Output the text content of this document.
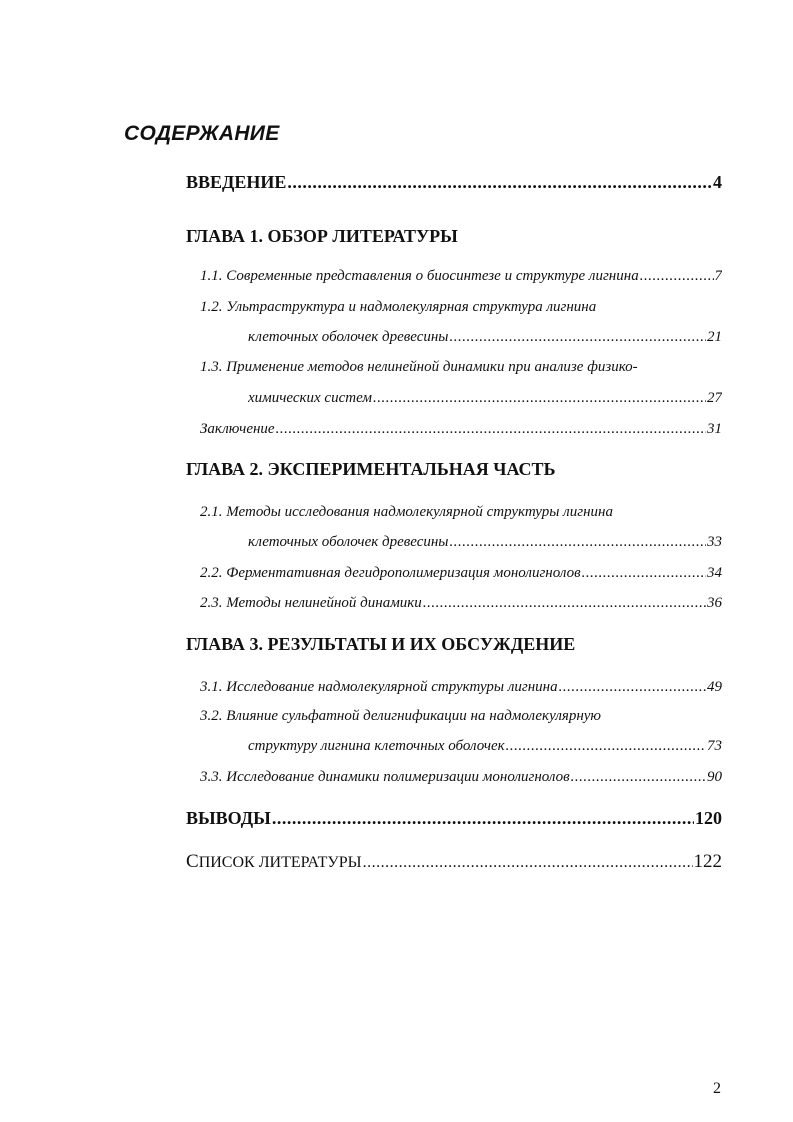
СОДЕРЖАНИЕ
ВВЕДЕНИЕ .....	4
ГЛАВА 1. ОБЗОР ЛИТЕРАТУРЫ
1.1. Современные представления о биосинтезе и структуре лигнина .....	7
1.2. Ультраструктура и надмолекулярная структура лигнина
клеточных оболочек древесины .....	21
1.3. Применение методов нелинейной динамики при анализе физико-
химических систем .....	27
Заключение .....	31
ГЛАВА 2. ЭКСПЕРИМЕНТАЛЬНАЯ ЧАСТЬ
2.1. Методы исследования надмолекулярной структуры лигнина
клеточных оболочек древесины .....	33
2.2. Ферментативная дегидрополимеризация монолигнолов .....	34
2.3. Методы нелинейной динамики .....	36
ГЛАВА 3. РЕЗУЛЬТАТЫ И ИХ ОБСУЖДЕНИЕ
3.1. Исследование надмолекулярной структуры лигнина .....	49
3.2. Влияние сульфатной делигнификации на надмолекулярную
структуру лигнина клеточных оболочек .....	73
3.3. Исследование динамики полимеризации монолигнолов .....	90
ВЫВОДЫ .....	120
СПИСОК ЛИТЕРАТУРЫ .....	122
2
